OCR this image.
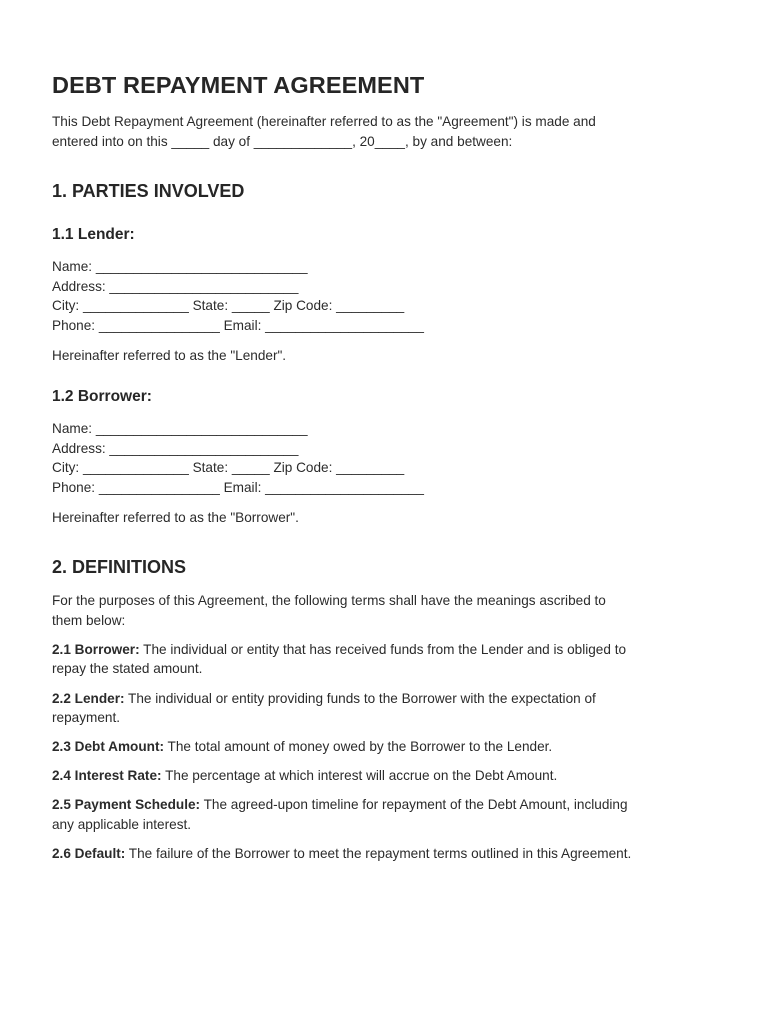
DEBT REPAYMENT AGREEMENT

This Debt Repayment Agreement (hereinafter referred to as the "Agreement") is made and

entered into on this _____ day of _____________, 20____, by and between:

1. PARTIES INVOLVED
1.1 Lender:

Name: ____________________________

Address: _________________________

City: ______________ State: _____ Zip Code: _________

Phone: ________________ Email: _____________________

Hereinafter referred to as the "Lender".

1.2 Borrower:

Name: ____________________________

Address: _________________________

City: ______________ State: _____ Zip Code: _________

Phone: ________________ Email: _____________________

Hereinafter referred to as the "Borrower".

2. DEFINITIONS

For the purposes of this Agreement, the following terms shall have the meanings ascribed to

them below:

2.1 Borrower: The individual or entity that has received funds from the Lender and is obliged to

repay the stated amount.

2.2 Lender: The individual or entity providing funds to the Borrower with the expectation of

repayment.

2.3 Debt Amount: The total amount of money owed by the Borrower to the Lender.

2.4 Interest Rate: The percentage at which interest will accrue on the Debt Amount.

2.5 Payment Schedule: The agreed-upon timeline for repayment of the Debt Amount, including

any applicable interest.

2.6 Default: The failure of the Borrower to meet the repayment terms outlined in this Agreement.
